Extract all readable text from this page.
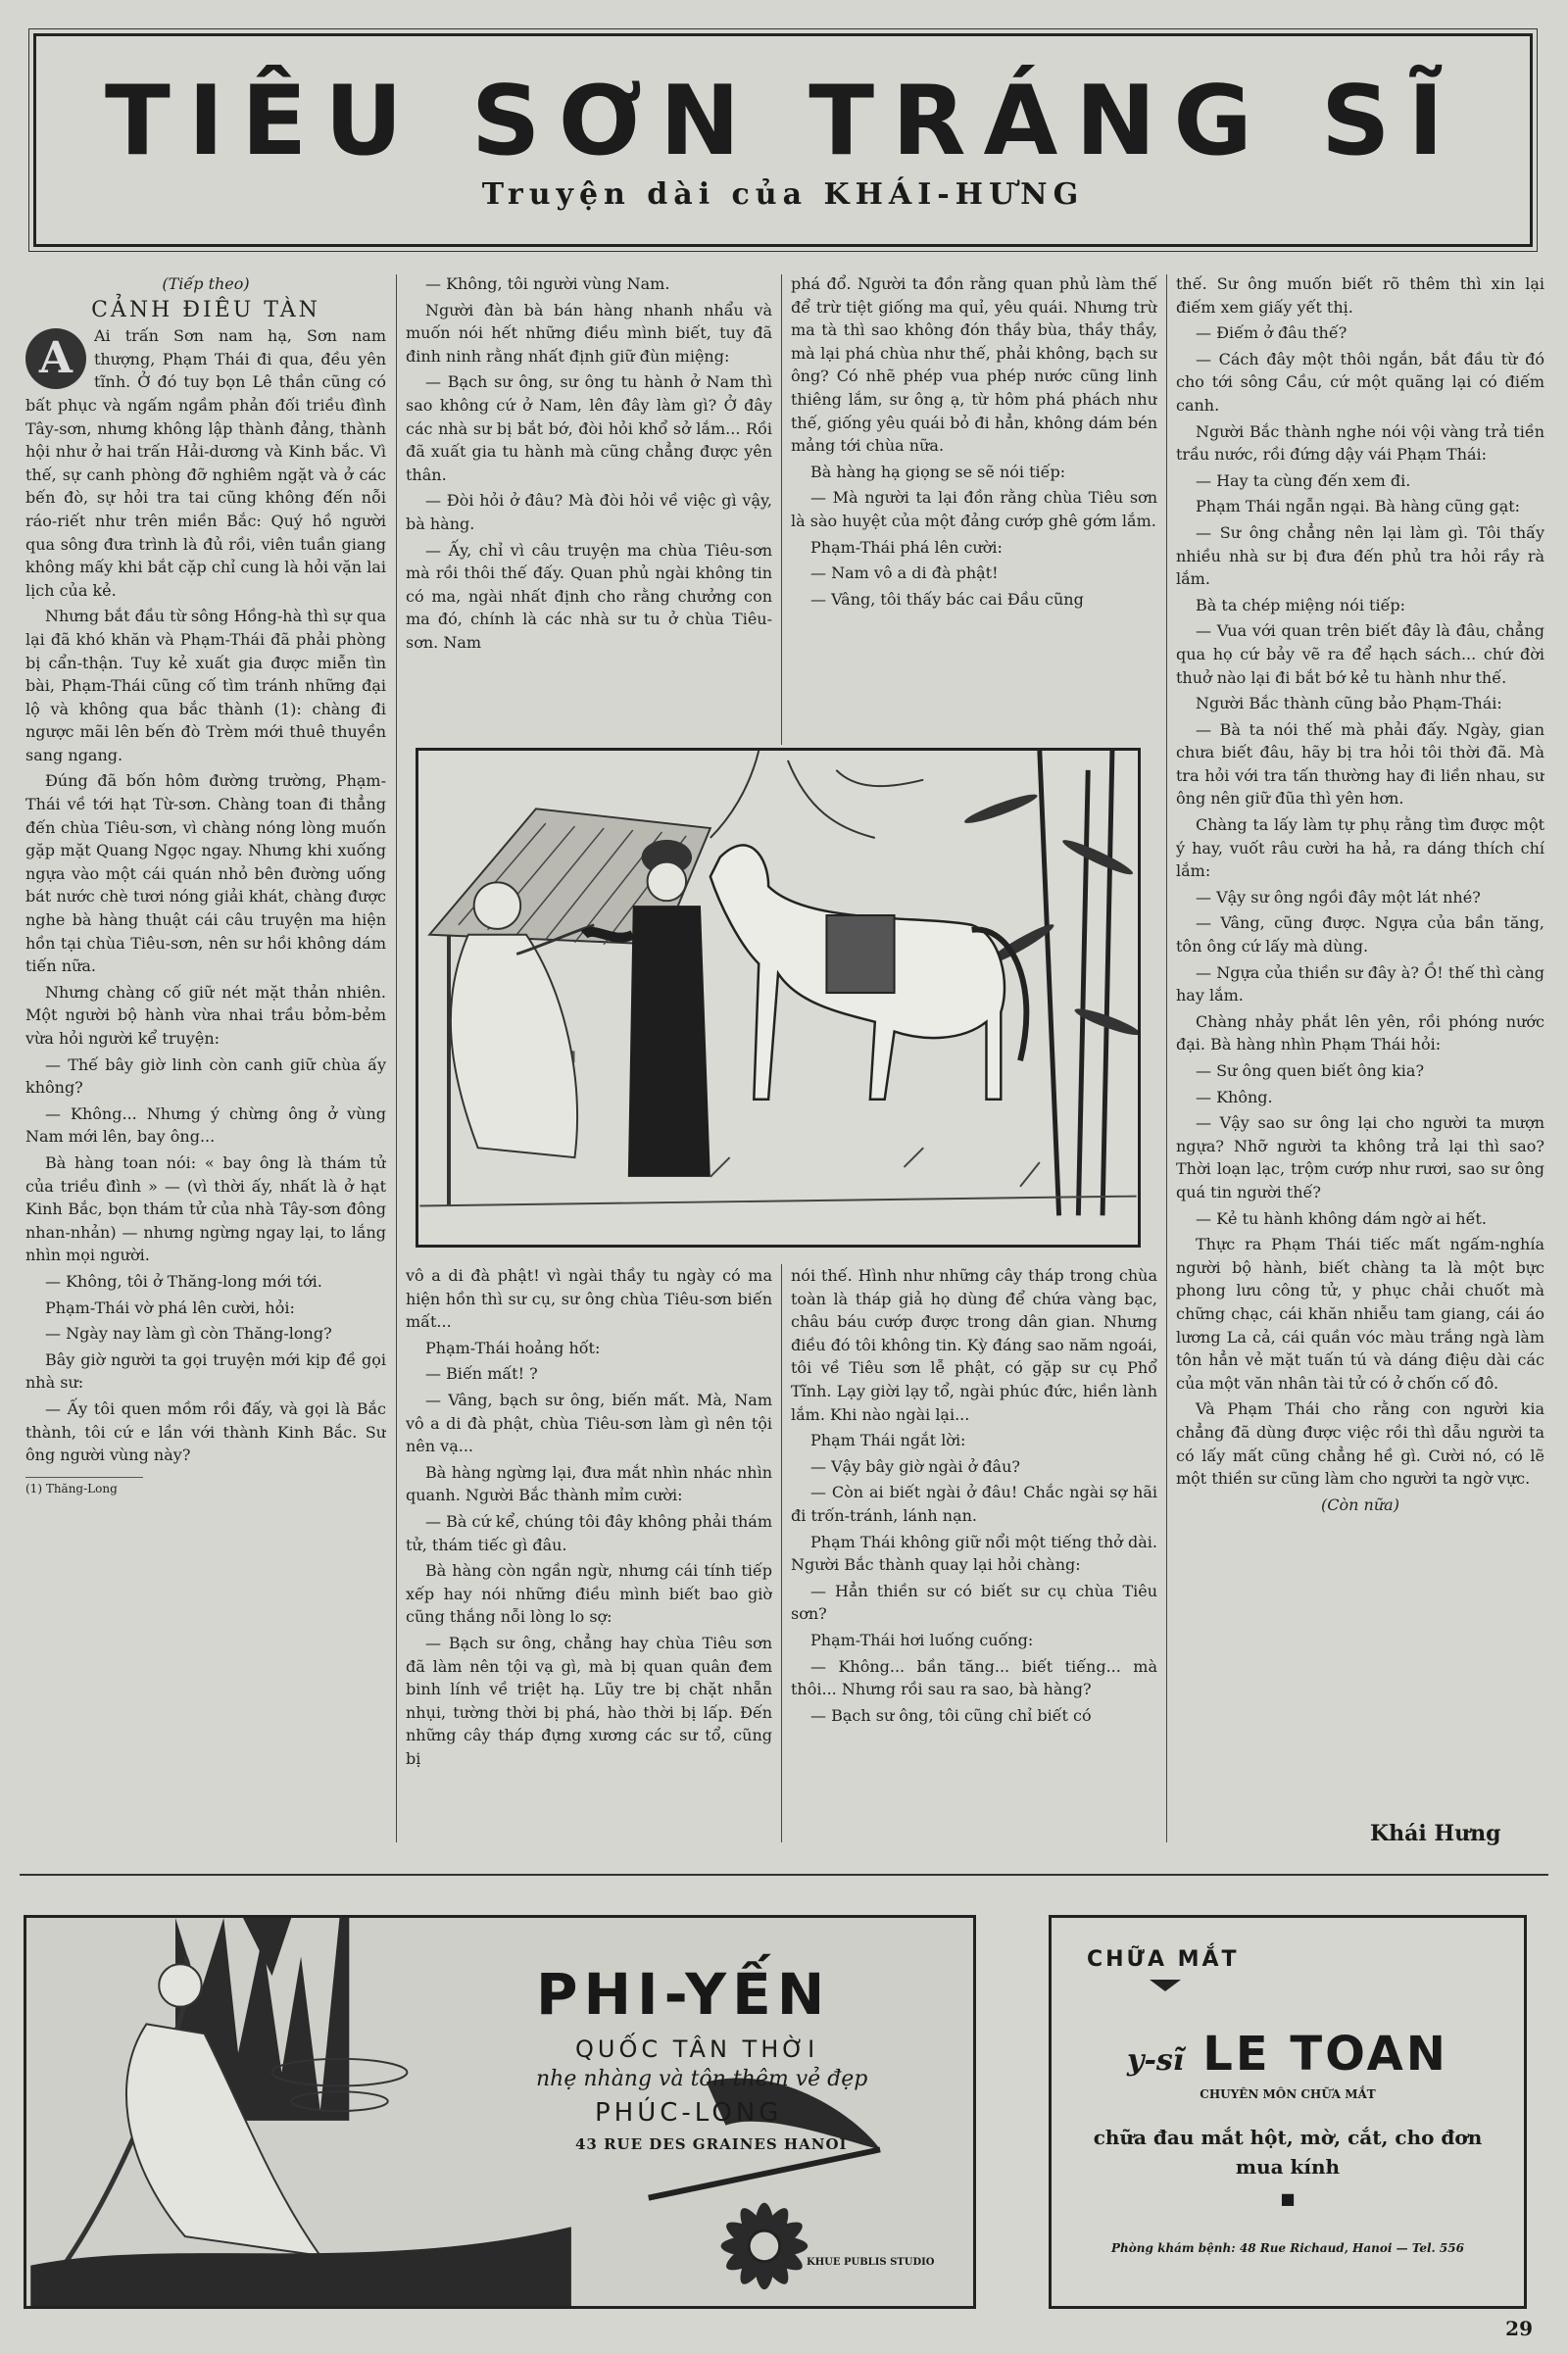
TIÊU SƠN TRÁNG SĨ
Truyện dài của KHÁI-HƯNG

(Tiếp theo)

CẢNH ĐIÊU TÀN

A	Ai trấn Sơn nam hạ, Sơn nam thượng, Phạm Thái đi qua, đều yên tĩnh. Ở đó tuy bọn Lê thần cũng có bất phục và ngấm ngầm phản đối triều đình Tây-sơn, nhưng không lập thành đảng, thành hội như ở hai trấn Hải-dương và Kinh bắc. Vì thế, sự canh phòng đỡ nghiêm ngặt và ở các bến đò, sự hỏi tra tai cũng không đến nỗi ráo-riết như trên miền Bắc: Quý hồ người qua sông đưa trình là đủ rồi, viên tuần giang không mấy khi bắt cặp chỉ cung là hỏi vặn lai lịch của kẻ.

Nhưng bắt đầu từ sông Hồng-hà thì sự qua lại đã khó khăn và Phạm-Thái đã phải phòng bị cẩn-thận. Tuy kẻ xuất gia được miễn tìn bài, Phạm-Thái cũng cố tìm tránh những đại lộ và không qua bắc thành (1): chàng đi ngược mãi lên bến đò Trèm mới thuê thuyền sang ngang.

Đúng đã bốn hôm đường trường, Phạm-Thái về tới hạt Từ-sơn. Chàng toan đi thẳng đến chùa Tiêu-sơn, vì chàng nóng lòng muốn gặp mặt Quang Ngọc ngay. Nhưng khi xuống ngựa vào một cái quán nhỏ bên đường uống bát nước chè tươi nóng giải khát, chàng được nghe bà hàng thuật cái câu truyện ma hiện hồn tại chùa Tiêu-sơn, nên sư hồi không dám tiến nữa.

Nhưng chàng cố giữ nét mặt thản nhiên. Một người bộ hành vừa nhai trầu bỏm-bẻm vừa hỏi người kể truyện:

— Thế bây giờ linh còn canh giữ chùa ấy không?

— Không... Nhưng ý chừng ông ở vùng Nam mới lên, bay ông...

Bà hàng toan nói: « bay ông là thám tử của triều đình » — (vì thời ấy, nhất là ở hạt Kinh Bắc, bọn thám tử của nhà Tây-sơn đông nhan-nhản) — nhưng ngừng ngay lại, to lắng nhìn mọi người.

— Không, tôi ở Thăng-long mới tới.

Phạm-Thái vờ phá lên cười, hỏi:

— Ngày nay làm gì còn Thăng-long?

Bây giờ người ta gọi truyện mới kịp đề gọi nhà sư:

— Ấy tôi quen mồm rồi đấy, và gọi là Bắc thành, tôi cứ e lần với thành Kinh Bắc. Sư ông người vùng này?

(1) Thăng-Long

— Không, tôi người vùng Nam.

Người đàn bà bán hàng nhanh nhẩu và muốn nói hết những điều mình biết, tuy đã đinh ninh rằng nhất định giữ đùn miệng:

— Bạch sư ông, sư ông tu hành ở Nam thì sao không cứ ở Nam, lên đây làm gì? Ở đây các nhà sư bị bắt bớ, đòi hỏi khổ sở lắm... Rồi đã xuất gia tu hành mà cũng chẳng được yên thân.

— Đòi hỏi ở đâu? Mà đòi hỏi về việc gì vậy, bà hàng.

— Ấy, chỉ vì câu truyện ma chùa Tiêu-sơn mà rồi thôi thế đấy. Quan phủ ngài không tin có ma, ngài nhất định cho rằng chưởng con ma đó, chính là các nhà sư tu ở chùa Tiêu-sơn. Nam

phá đổ. Người ta đồn rằng quan phủ làm thế để trừ tiệt giống ma quỉ, yêu quái. Nhưng trừ ma tà thì sao không đón thầy bùa, thầy thầy, mà lại phá chùa như thế, phải không, bạch sư ông? Có nhẽ phép vua phép nước cũng linh thiêng lắm, sư ông ạ, từ hôm phá phách như thế, giống yêu quái bỏ đi hẳn, không dám bén mảng tới chùa nữa.

Bà hàng hạ giọng se sẽ nói tiếp:

— Mà người ta lại đồn rằng chùa Tiêu sơn là sào huyệt của một đảng cướp ghê gớm lắm.

Phạm-Thái phá lên cười:

— Nam vô a di đà phật!

— Vâng, tôi thấy bác cai Đầu cũng

vô a di đà phật! vì ngài thầy tu ngày có ma hiện hồn thì sư cụ, sư ông chùa Tiêu-sơn biến mất...

Phạm-Thái hoảng hốt:

— Biến mất! ?

— Vâng, bạch sư ông, biến mất. Mà, Nam vô a di đà phật, chùa Tiêu-sơn làm gì nên tội nên vạ...

Bà hàng ngừng lại, đưa mắt nhìn nhác nhìn quanh. Người Bắc thành mỉm cười:

— Bà cứ kể, chúng tôi đây không phải thám tử, thám tiếc gì đâu.

Bà hàng còn ngần ngừ, nhưng cái tính tiếp xếp hay nói những điều mình biết bao giờ cũng thắng nỗi lòng lo sợ:

— Bạch sư ông, chẳng hay chùa Tiêu sơn đã làm nên tội vạ gì, mà bị quan quân đem binh lính về triệt hạ. Lũy tre bị chặt nhẵn nhụi, tường thời bị phá, hào thời bị lấp. Đến những cây tháp đựng xương các sư tổ, cũng bị

nói thế. Hình như những cây tháp trong chùa toàn là tháp giả họ dùng để chứa vàng bạc, châu báu cướp được trong dân gian. Nhưng điều đó tôi không tin. Kỳ đáng sao năm ngoái, tôi về Tiêu sơn lễ phật, có gặp sư cụ Phổ Tĩnh. Lạy giời lạy tổ, ngài phúc đức, hiền lành lắm. Khi nào ngài lại...

Phạm Thái ngắt lời:

— Vậy bây giờ ngài ở đâu?

— Còn ai biết ngài ở đâu! Chắc ngài sợ hãi đi trốn-tránh, lánh nạn.

Phạm Thái không giữ nổi một tiếng thở dài. Người Bắc thành quay lại hỏi chàng:

— Hẳn thiền sư có biết sư cụ chùa Tiêu sơn?

Phạm-Thái hơi luống cuống:

— Không... bần tăng... biết tiếng... mà thôi... Nhưng rồi sau ra sao, bà hàng?

— Bạch sư ông, tôi cũng chỉ biết có

thế. Sư ông muốn biết rõ thêm thì xin lại điếm xem giấy yết thị.

— Điếm ở đâu thế?

— Cách đây một thôi ngắn, bắt đầu từ đó cho tới sông Cầu, cứ một quãng lại có điếm canh.

Người Bắc thành nghe nói vội vàng trả tiền trầu nước, rồi đứng dậy vái Phạm Thái:

— Hay ta cùng đến xem đi.

Phạm Thái ngẫn ngại. Bà hàng cũng gạt:

— Sư ông chẳng nên lại làm gì. Tôi thấy nhiều nhà sư bị đưa đến phủ tra hỏi rầy rà lắm.

Bà ta chép miệng nói tiếp:

— Vua với quan trên biết đây là đâu, chẳng qua họ cứ bảy vẽ ra để hạch sách... chứ đời thuở nào lại đi bắt bớ kẻ tu hành như thế.

Người Bắc thành cũng bảo Phạm-Thái:

— Bà ta nói thế mà phải đấy. Ngày, gian chưa biết đâu, hãy bị tra hỏi tôi thời đã. Mà tra hỏi với tra tấn thường hay đi liền nhau, sư ông nên giữ đũa thì yên hơn.

Chàng ta lấy làm tự phụ rằng tìm được một ý hay, vuốt râu cười ha hả, ra dáng thích chí lắm:

— Vậy sư ông ngồi đây một lát nhé?

— Vâng, cũng được. Ngựa của bần tăng, tôn ông cứ lấy mà dùng.

— Ngựa của thiền sư đây à? Ồ! thế thì càng hay lắm.

Chàng nhảy phắt lên yên, rồi phóng nước đại. Bà hàng nhìn Phạm Thái hỏi:

— Sư ông quen biết ông kia?

— Không.

— Vậy sao sư ông lại cho người ta mượn ngựa? Nhỡ người ta không trả lại thì sao? Thời loạn lạc, trộm cướp như rươi, sao sư ông quá tin người thế?

— Kẻ tu hành không dám ngờ ai hết.

Thực ra Phạm Thái tiếc mất ngấm-nghía người bộ hành, biết chàng ta là một bực phong lưu công tử, y phục chải chuốt mà chững chạc, cái khăn nhiễu tam giang, cái áo lương La cả, cái quần vóc màu trắng ngà làm tôn hẳn vẻ mặt tuấn tú và dáng điệu dài các của một văn nhân tài tử có ở chốn cố đô.

Và Phạm Thái cho rằng con người kia chẳng đã dùng được việc rồi thì dẫu người ta có lấy mất cũng chẳng hề gì. Cười nó, có lẽ một thiền sư cũng làm cho người ta ngờ vực.

(Còn nữa)

Khái Hưng
PHI-YẾN
QUỐC TÂN THỜI
nhẹ nhàng và tôn thêm vẻ đẹp
PHÚC-LONG
43 RUE DES GRAINES HANOI
KHUE PUBLIS STUDIO
CHỮA MẮT
y-sĩ LE TOAN
CHUYÊN MÔN CHỮA MẮT
chữa đau mắt hột, mờ, cắt, cho đơn mua kính
■
Phòng khám bệnh: 48 Rue Richaud, Hanoi — Tel. 556
29
